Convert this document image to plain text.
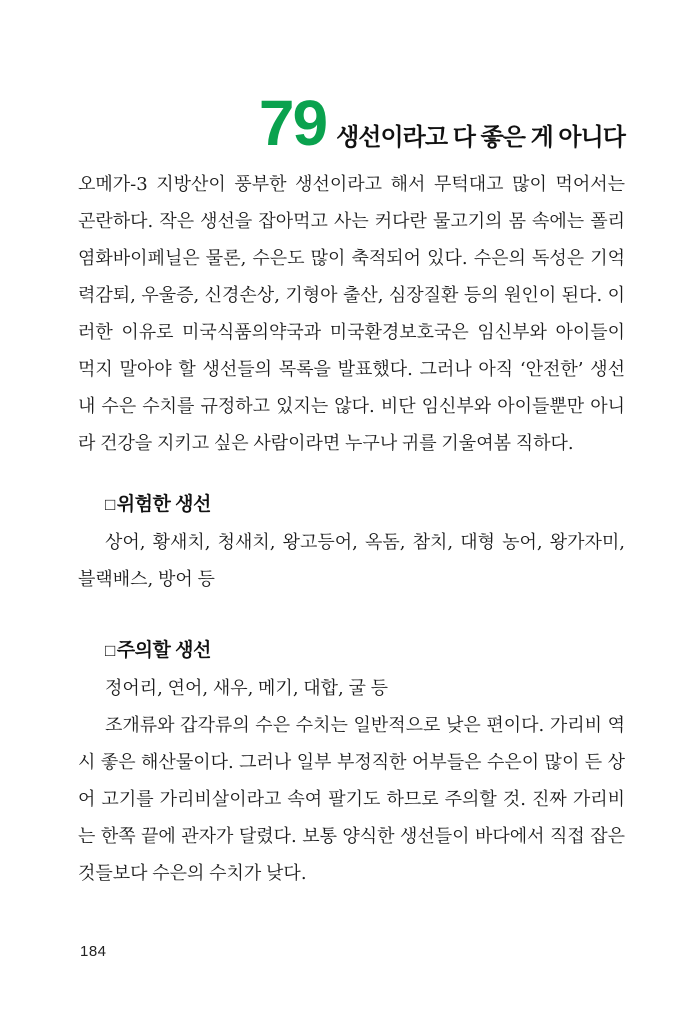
79 생선이라고 다 좋은 게 아니다
오메가-3 지방산이 풍부한 생선이라고 해서 무턱대고 많이 먹어서는
곤란하다. 작은 생선을 잡아먹고 사는 커다란 물고기의 몸 속에는 폴리
염화바이페닐은 물론, 수은도 많이 축적되어 있다. 수은의 독성은 기억
력감퇴, 우울증, 신경손상, 기형아 출산, 심장질환 등의 원인이 된다. 이
러한 이유로 미국식품의약국과 미국환경보호국은 임신부와 아이들이
먹지 말아야 할 생선들의 목록을 발표했다. 그러나 아직 ‘안전한’ 생선
내 수은 수치를 규정하고 있지는 않다. 비단 임신부와 아이들뿐만 아니
라 건강을 지키고 싶은 사람이라면 누구나 귀를 기울여봄 직하다.
□ 위험한 생선
상어, 황새치, 청새치, 왕고등어, 옥돔, 참치, 대형 농어, 왕가자미,
블랙배스, 방어 등
□ 주의할 생선
정어리, 연어, 새우, 메기, 대합, 굴 등
조개류와 갑각류의 수은 수치는 일반적으로 낮은 편이다. 가리비 역
시 좋은 해산물이다. 그러나 일부 부정직한 어부들은 수은이 많이 든 상
어 고기를 가리비살이라고 속여 팔기도 하므로 주의할 것. 진짜 가리비
는 한쪽 끝에 관자가 달렸다. 보통 양식한 생선들이 바다에서 직접 잡은
것들보다 수은의 수치가 낮다.
184
